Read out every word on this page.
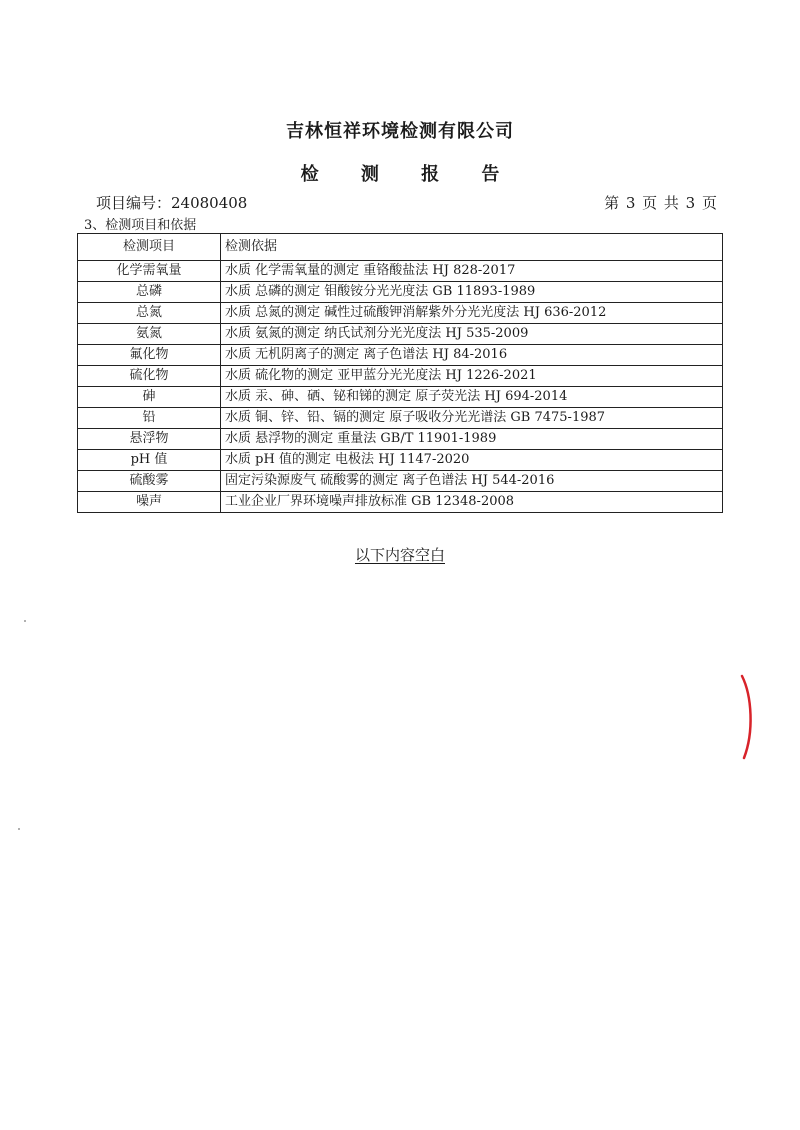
吉林恒祥环境检测有限公司
检 测 报 告
项目编号：24080408	第 3 页 共 3 页
3、检测项目和依据
检测项目	检测依据
化学需氧量	水质 化学需氧量的测定 重铬酸盐法 HJ 828-2017
总磷	水质 总磷的测定 钼酸铵分光光度法 GB 11893-1989
总氮	水质 总氮的测定 碱性过硫酸钾消解紫外分光光度法 HJ 636-2012
氨氮	水质 氨氮的测定 纳氏试剂分光光度法 HJ 535-2009
氟化物	水质 无机阴离子的测定 离子色谱法 HJ 84-2016
硫化物	水质 硫化物的测定 亚甲蓝分光光度法 HJ 1226-2021
砷	水质 汞、砷、硒、铋和锑的测定 原子荧光法 HJ 694-2014
铅	水质 铜、锌、铅、镉的测定 原子吸收分光光谱法 GB 7475-1987
悬浮物	水质 悬浮物的测定 重量法 GB/T 11901-1989
pH 值	水质 pH 值的测定 电极法 HJ 1147-2020
硫酸雾	固定污染源废气 硫酸雾的测定 离子色谱法 HJ 544-2016
噪声	工业企业厂界环境噪声排放标准 GB 12348-2008
以下内容空白
